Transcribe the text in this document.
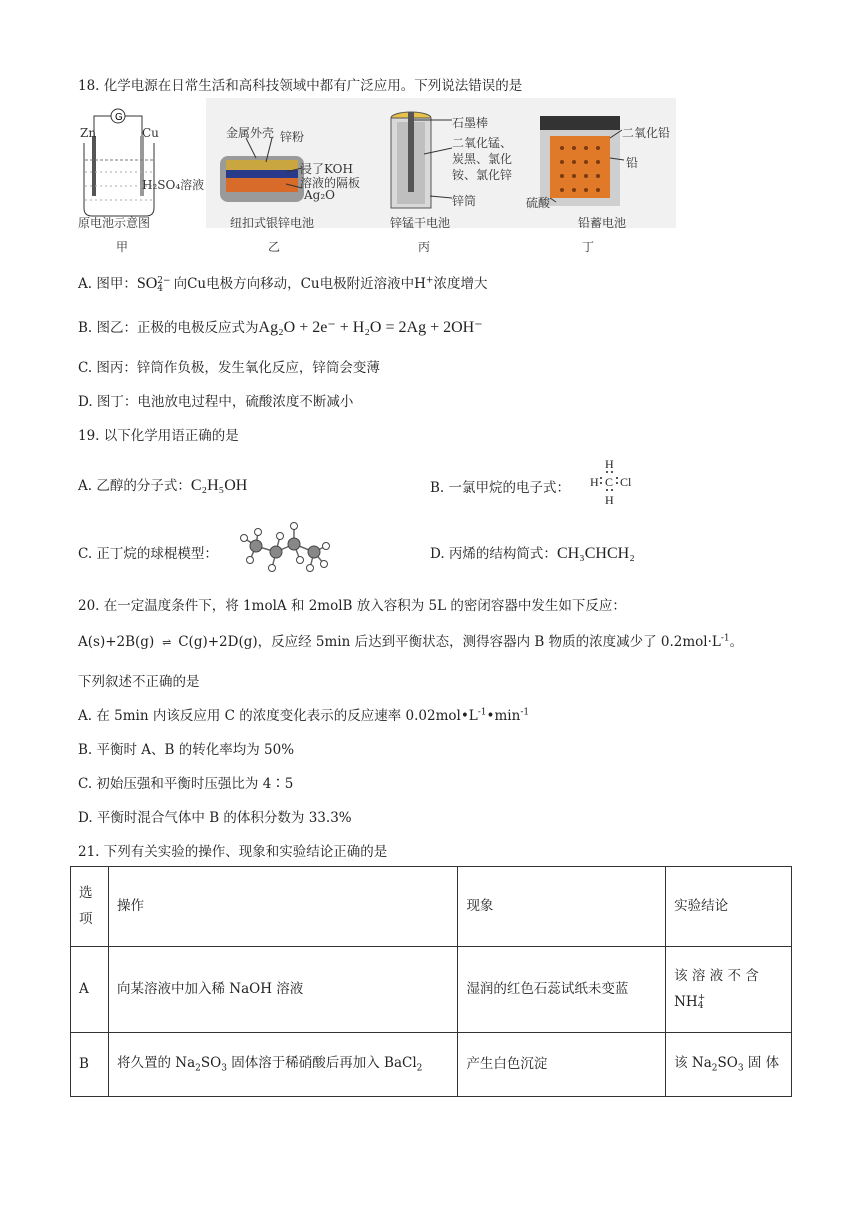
18. 化学电源在日常生活和高科技领域中都有广泛应用。下列说法错误的是
G
Zn	Cu
H₂SO₄溶液
原电池示意图
甲
金属外壳 锌粉
浸了KOH
溶液的隔板
Ag₂O
纽扣式银锌电池
乙
石墨棒
二氧化锰、
炭黑、氯化
铵、氯化锌
锌筒
锌锰干电池
丙
二氧化铅
铅
硫酸
铅蓄电池
丁
A. 图甲：SO2−
4 向Cu电极方向移动，Cu电极附近溶液中H+浓度增大
B. 图乙：正极的电极反应式为Ag₂O + 2e⁻ + H₂O = 2Ag + 2OH⁻
C. 图丙：锌筒作负极，发生氧化反应，锌筒会变薄
D. 图丁：电池放电过程中，硫酸浓度不断减小
19. 以下化学用语正确的是
A. 乙醇的分子式：C₂H₅OH	B. 一氯甲烷的电子式：
H
H C Cl
H
C. 正丁烷的球棍模型：	D. 丙烯的结构简式：CH₃CHCH₂
20. 在一定温度条件下，将 1molA 和 2molB 放入容积为 5L 的密闭容器中发生如下反应：
A(s)+2B(g) ⇌ C(g)+2D(g)，反应经 5min 后达到平衡状态，测得容器内 B 物质的浓度减少了 $0.2mol\cdot L^{-1}$。
下列叙述不正确的是
A. 在 5min 内该反应用 C 的浓度变化表示的反应速率 $0.02mol•L^{-1}•\min^{-1}$
B. 平衡时 A、B 的转化率均为 50%
C. 初始压强和平衡时压强比为 4∶5
D. 平衡时混合气体中 B 的体积分数为 33.3%
21. 下列有关实验的操作、现象和实验结论正确的是
选项	操作	现象	实验结论
A	向某溶液中加入稀 NaOH 溶液	湿润的红色石蕊试纸未变蓝	该 溶 液 不 含
NH+
4
B	将久置的 $Na_2SO_3$ 固体溶于稀硝酸后再加入 BaCl$_2$	产生白色沉淀	该 $Na_2SO_3$ 固 体
